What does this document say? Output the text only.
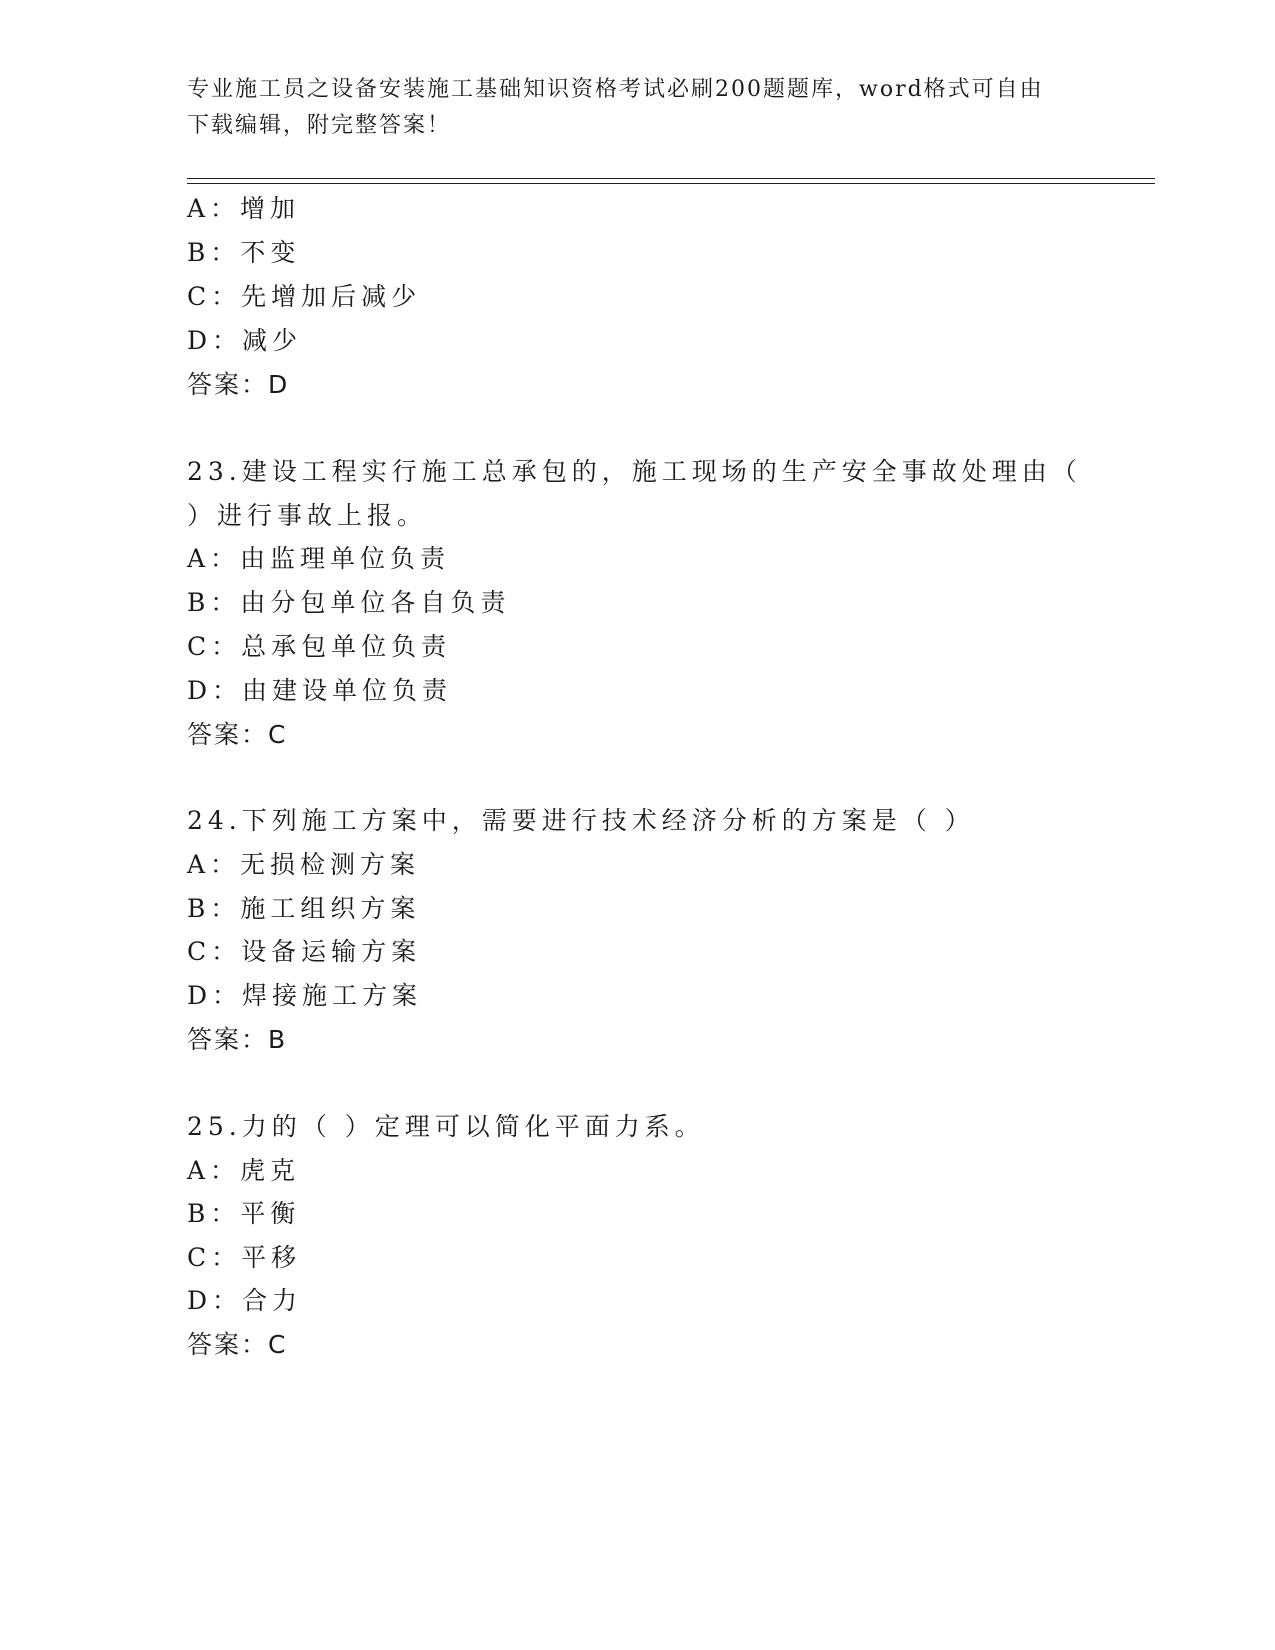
专业施工员之设备安装施工基础知识资格考试必刷200题题库，word格式可自由
下载编辑，附完整答案！
A：增加
B：不变
C：先增加后减少
D：减少
答案：D
23.建设工程实行施工总承包的，施工现场的生产安全事故处理由（
）进行事故上报。
A：由监理单位负责
B：由分包单位各自负责
C：总承包单位负责
D：由建设单位负责
答案：C
24.下列施工方案中，需要进行技术经济分析的方案是（ ）
A：无损检测方案
B：施工组织方案
C：设备运输方案
D：焊接施工方案
答案：B
25.力的（ ）定理可以简化平面力系。
A：虎克
B：平衡
C：平移
D：合力
答案：C
